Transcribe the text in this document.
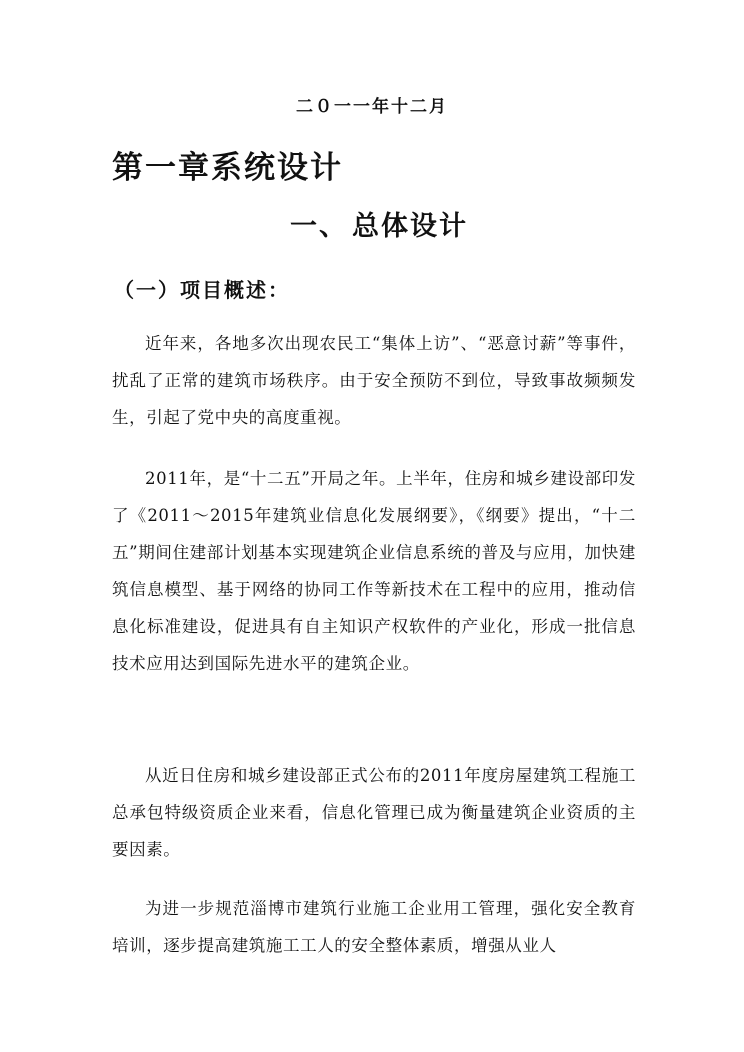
二０一一年十二月
第一章系统设计
一、 总体设计
（一）项目概述：

近年来，各地多次出现农民工“集体上访”、“恶意讨薪”等事件，扰乱了正常的建筑市场秩序。由于安全预防不到位，导致事故频频发生，引起了党中央的高度重视。

2011年，是“十二五”开局之年。上半年，住房和城乡建设部印发了《2011～2015年建筑业信息化发展纲要》，《纲要》提出，“十二五”期间住建部计划基本实现建筑企业信息系统的普及与应用，加快建筑信息模型、基于网络的协同工作等新技术在工程中的应用，推动信息化标准建设，促进具有自主知识产权软件的产业化，形成一批信息技术应用达到国际先进水平的建筑企业。

从近日住房和城乡建设部正式公布的2011年度房屋建筑工程施工总承包特级资质企业来看，信息化管理已成为衡量建筑企业资质的主要因素。

为进一步规范淄博市建筑行业施工企业用工管理，强化安全教育培训，逐步提高建筑施工工人的安全整体素质，增强从业人
